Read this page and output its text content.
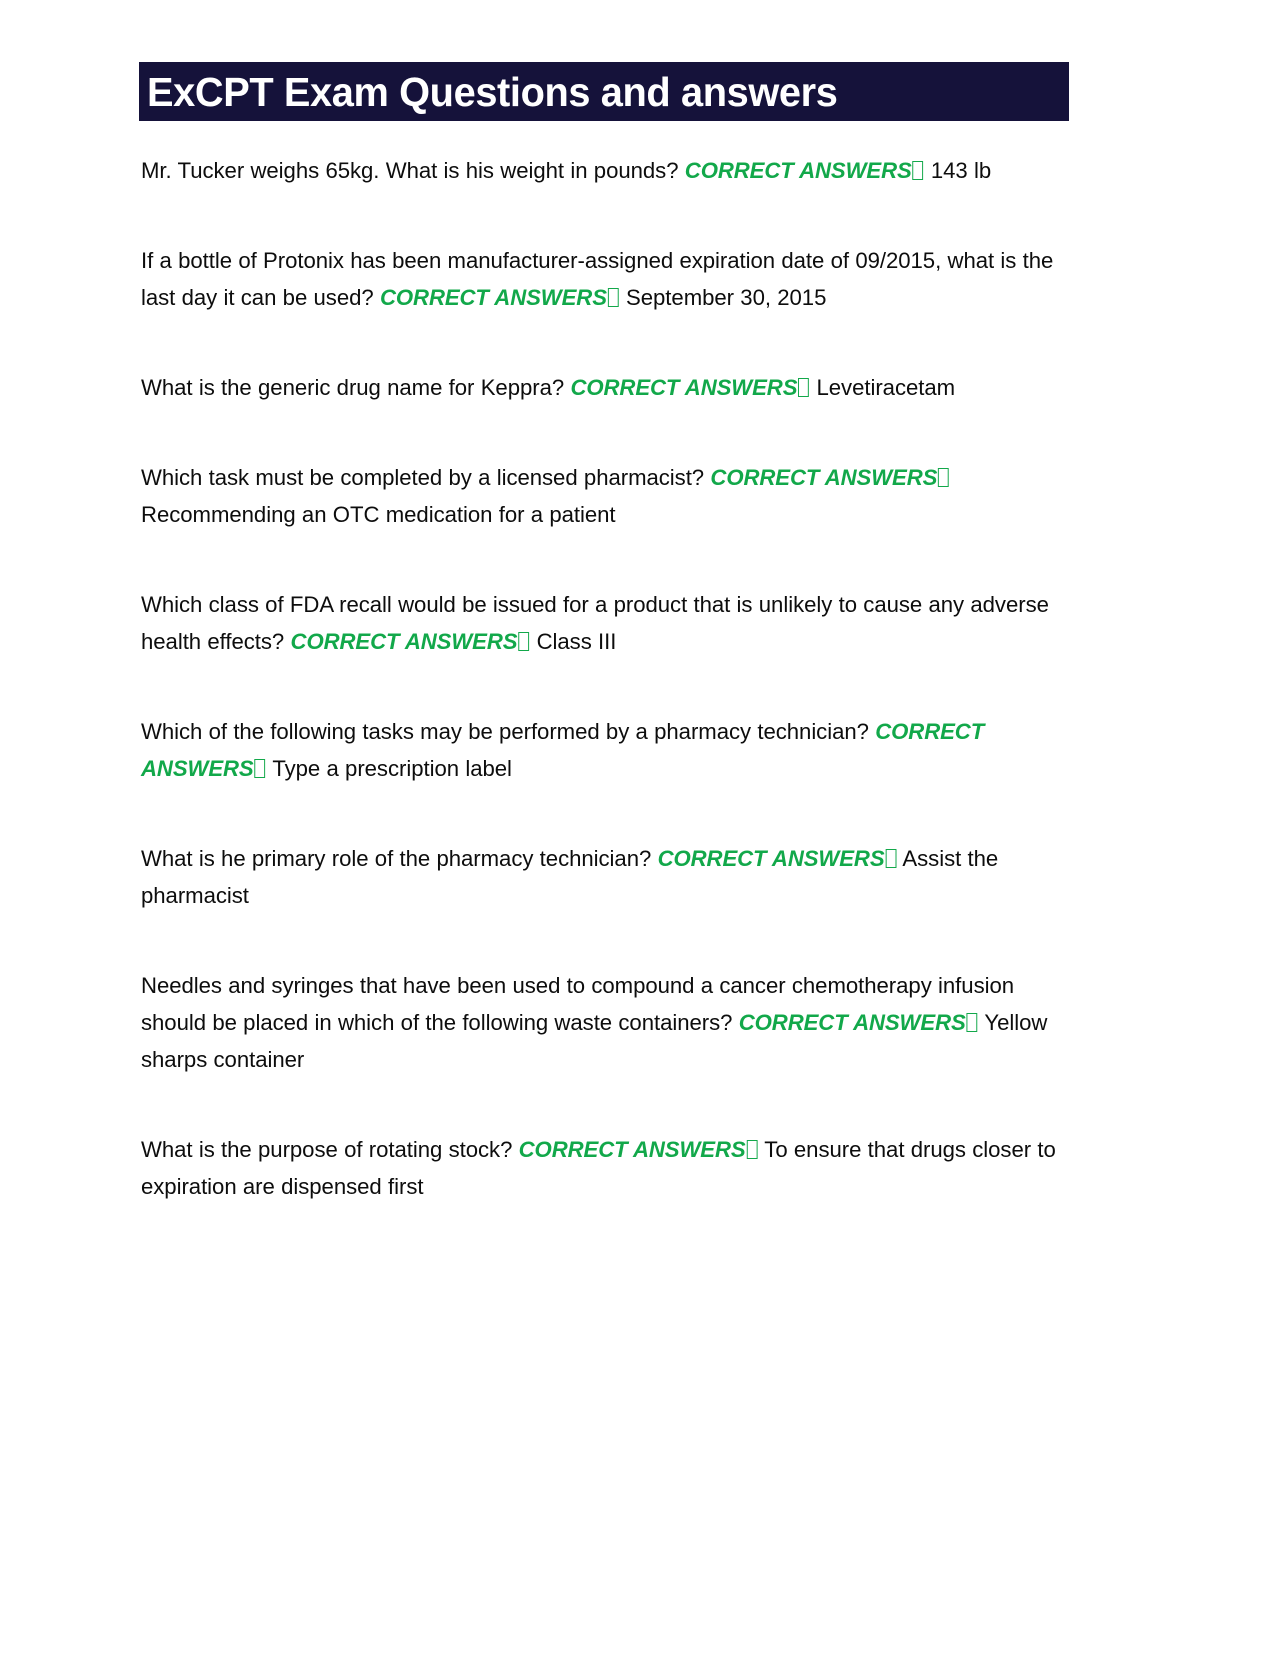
ExCPT Exam Questions and answers

Mr. Tucker weighs 65kg. What is his weight in pounds? CORRECT ANSWERS 143 lb

If a bottle of Protonix has been manufacturer-assigned expiration date of 09/2015, what is the last day it can be used? CORRECT ANSWERS September 30, 2015

What is the generic drug name for Keppra? CORRECT ANSWERS Levetiracetam

Which task must be completed by a licensed pharmacist? CORRECT ANSWERS Recommending an OTC medication for a patient

Which class of FDA recall would be issued for a product that is unlikely to cause any adverse health effects? CORRECT ANSWERS Class III

Which of the following tasks may be performed by a pharmacy technician? CORRECT ANSWERS Type a prescription label

What is he primary role of the pharmacy technician? CORRECT ANSWERS Assist the pharmacist

Needles and syringes that have been used to compound a cancer chemotherapy infusion should be placed in which of the following waste containers? CORRECT ANSWERS Yellow sharps container

What is the purpose of rotating stock? CORRECT ANSWERS To ensure that drugs closer to expiration are dispensed first
